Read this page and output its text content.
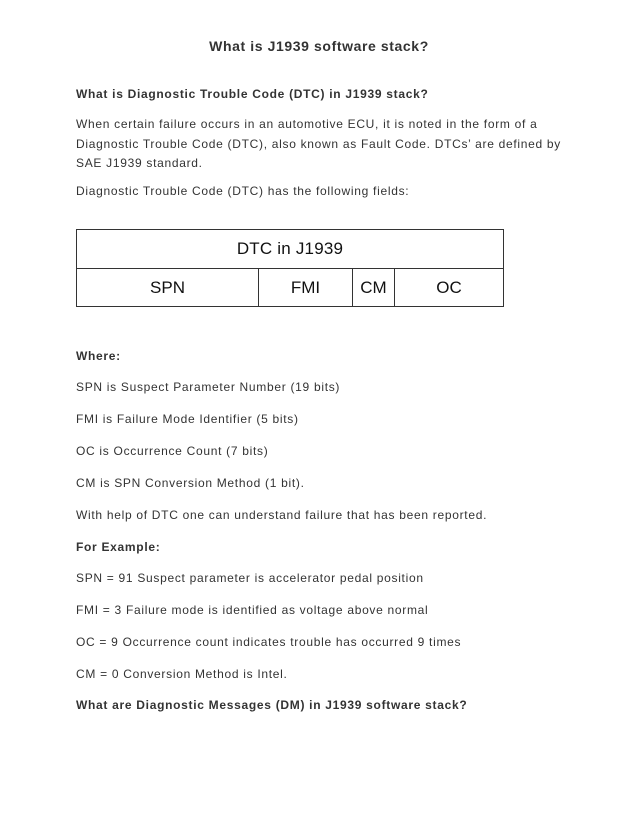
What is J1939 software stack?
What is Diagnostic Trouble Code (DTC) in J1939 stack?

When certain failure occurs in an automotive ECU, it is noted in the form of a Diagnostic Trouble Code (DTC), also known as Fault Code. DTCs’ are defined by SAE J1939 standard.

Diagnostic Trouble Code (DTC) has the following fields:

DTC in J1939
SPN	FMI	CM	OC
Where:

SPN is Suspect Parameter Number (19 bits)

FMI is Failure Mode Identifier (5 bits)

OC is Occurrence Count (7 bits)

CM is SPN Conversion Method (1 bit).

With help of DTC one can understand failure that has been reported.

For Example:

SPN = 91 Suspect parameter is accelerator pedal position

FMI = 3 Failure mode is identified as voltage above normal

OC = 9 Occurrence count indicates trouble has occurred 9 times

CM = 0 Conversion Method is Intel.

What are Diagnostic Messages (DM) in J1939 software stack?
